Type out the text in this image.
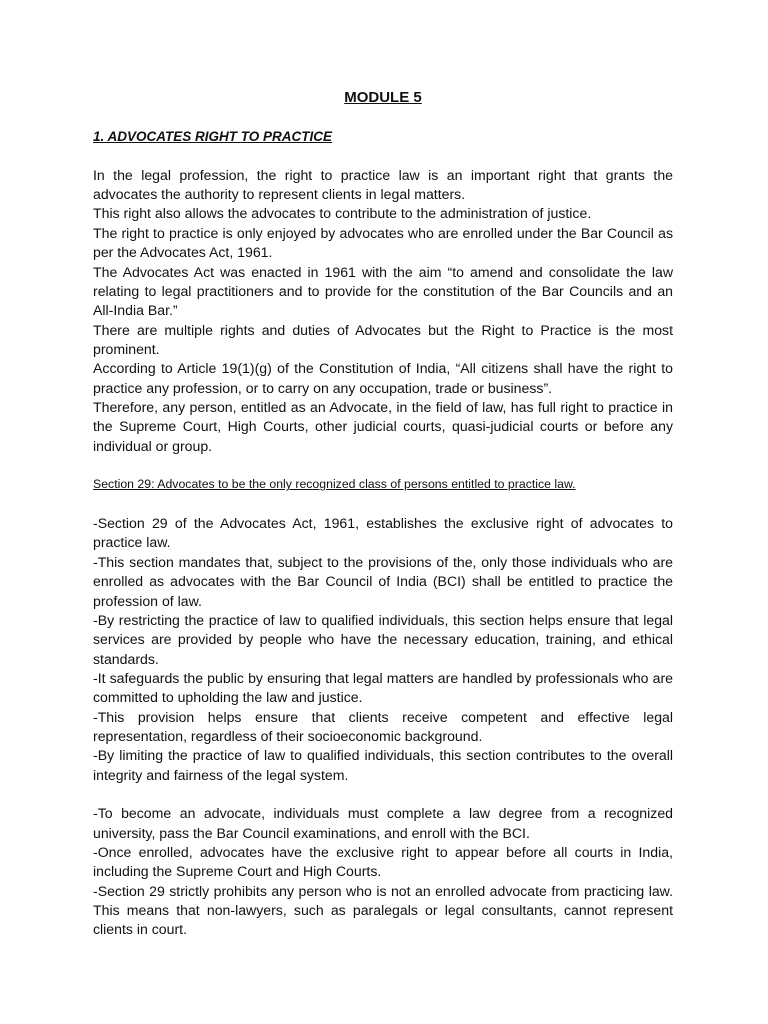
MODULE 5
1. ADVOCATES RIGHT TO PRACTICE

In the legal profession, the right to practice law is an important right that grants the advocates the authority to represent clients in legal matters.

This right also allows the advocates to contribute to the administration of justice.

The right to practice is only enjoyed by advocates who are enrolled under the Bar Council as per the Advocates Act, 1961.

The Advocates Act was enacted in 1961 with the aim “to amend and consolidate the law relating to legal practitioners and to provide for the constitution of the Bar Councils and an All-India Bar.”

There are multiple rights and duties of Advocates but the Right to Practice is the most prominent.

According to Article 19(1)(g) of the Constitution of India, “All citizens shall have the right to practice any profession, or to carry on any occupation, trade or business”.

Therefore, any person, entitled as an Advocate, in the field of law, has full right to practice in the Supreme Court, High Courts, other judicial courts, quasi-judicial courts or before any individual or group.

Section 29: Advocates to be the only recognized class of persons entitled to practice law.

-Section 29 of the Advocates Act, 1961, establishes the exclusive right of advocates to practice law.

-This section mandates that, subject to the provisions of the, only those individuals who are enrolled as advocates with the Bar Council of India (BCI) shall be entitled to practice the profession of law.

-By restricting the practice of law to qualified individuals, this section helps ensure that legal services are provided by people who have the necessary education, training, and ethical standards.

-It safeguards the public by ensuring that legal matters are handled by professionals who are committed to upholding the law and justice.

-This provision helps ensure that clients receive competent and effective legal representation, regardless of their socioeconomic background.

-By limiting the practice of law to qualified individuals, this section contributes to the overall integrity and fairness of the legal system.

-To become an advocate, individuals must complete a law degree from a recognized university, pass the Bar Council examinations, and enroll with the BCI.

-Once enrolled, advocates have the exclusive right to appear before all courts in India, including the Supreme Court and High Courts.

-Section 29 strictly prohibits any person who is not an enrolled advocate from practicing law. This means that non-lawyers, such as paralegals or legal consultants, cannot represent clients in court.
